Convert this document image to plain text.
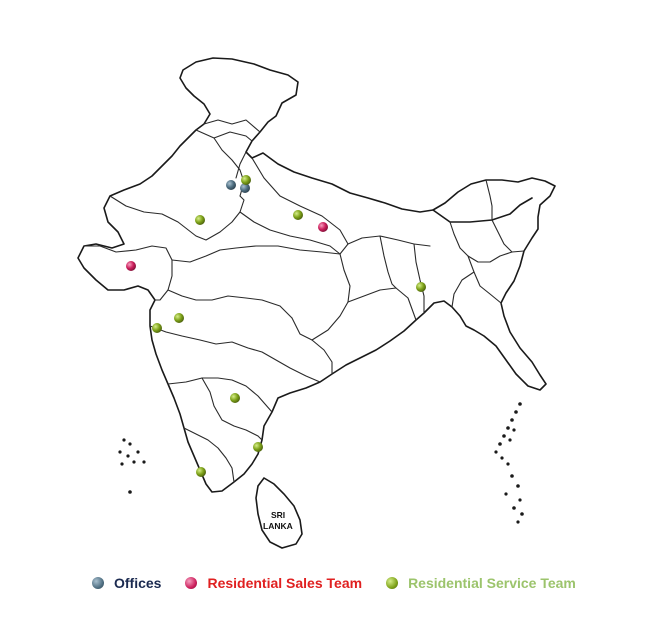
SRI
LANKA
Offices	Residential Sales Team	Residential Service Team
